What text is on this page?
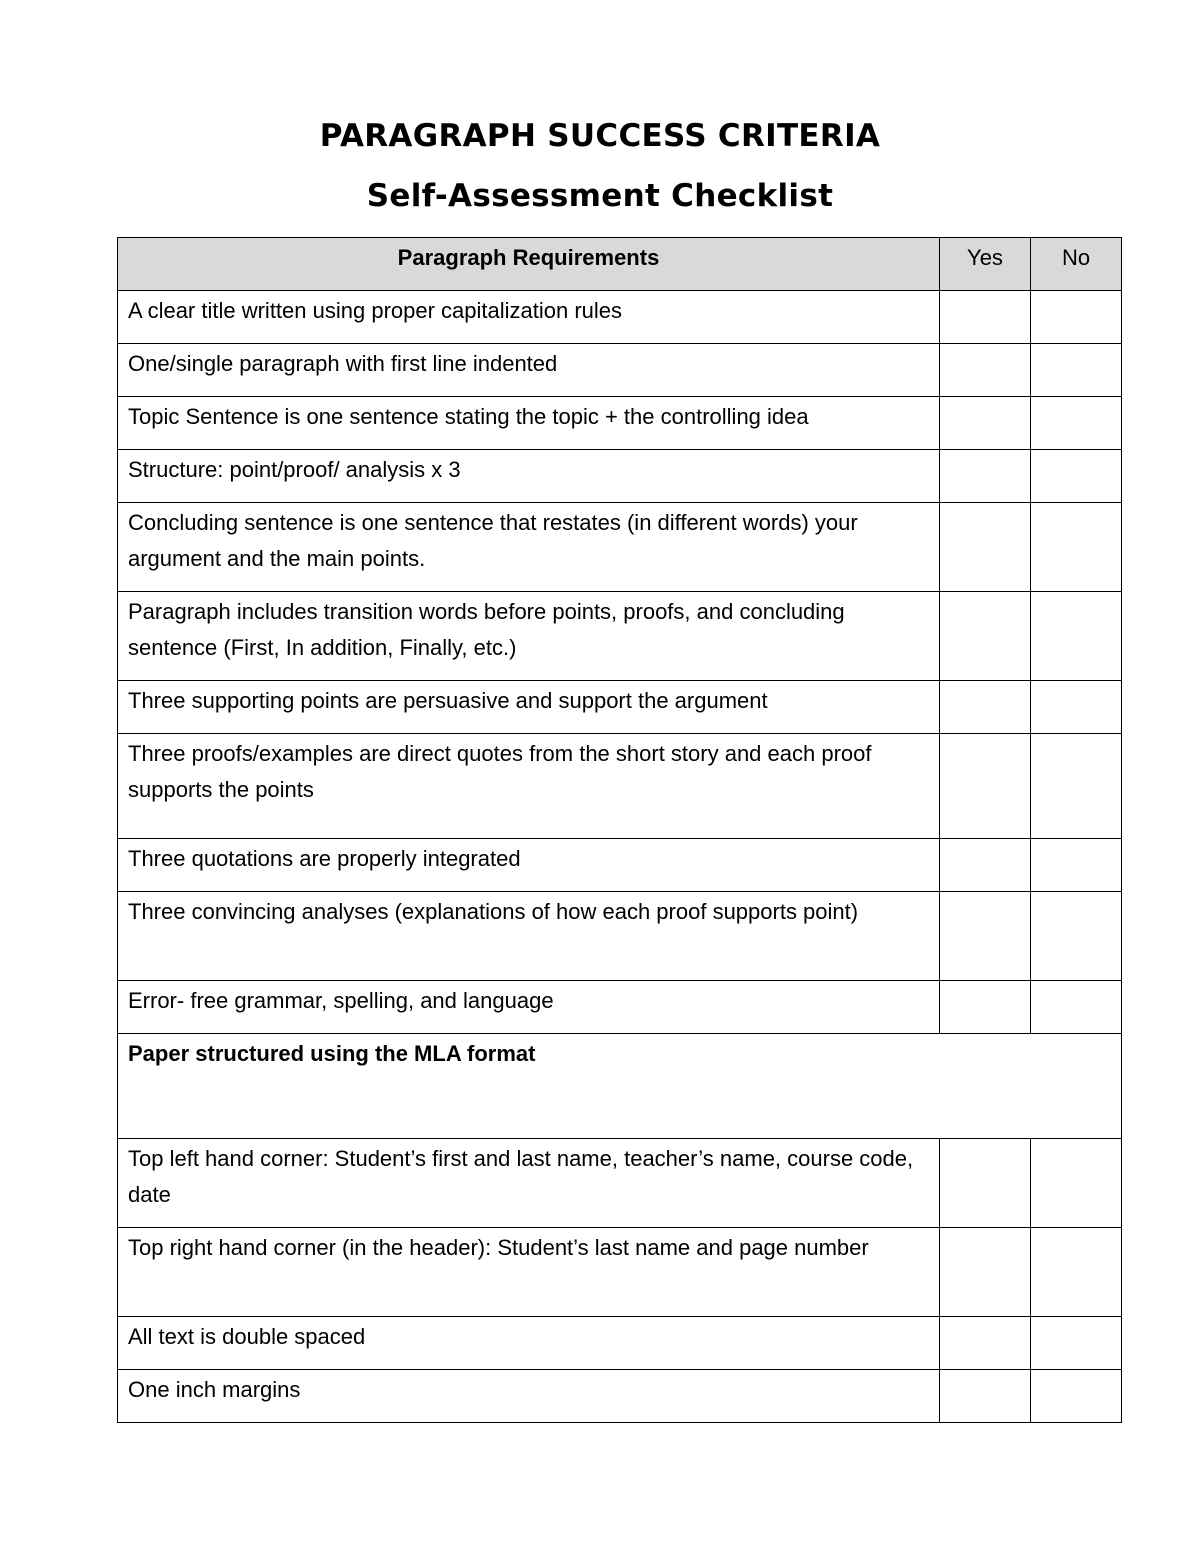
PARAGRAPH SUCCESS CRITERIA
Self-Assessment Checklist
Paragraph Requirements	Yes	No
A clear title written using proper capitalization rules		
One/single paragraph with first line indented		
Topic Sentence is one sentence stating the topic + the controlling idea		
Structure: point/proof/ analysis x 3		
Concluding sentence is one sentence that restates (in different words) your argument and the main points.		
Paragraph includes transition words before points, proofs, and concluding sentence (First, In addition, Finally, etc.)		
Three supporting points are persuasive and support the argument		
Three proofs/examples are direct quotes from the short story and each proof supports the points		
Three quotations are properly integrated		
Three convincing analyses (explanations of how each proof supports point)		
Error- free grammar, spelling, and language		
Paper structured using the MLA format		
Top left hand corner: Student’s first and last name, teacher’s name, course code, date		
Top right hand corner (in the header): Student’s last name and page number		
All text is double spaced		
One inch margins		
